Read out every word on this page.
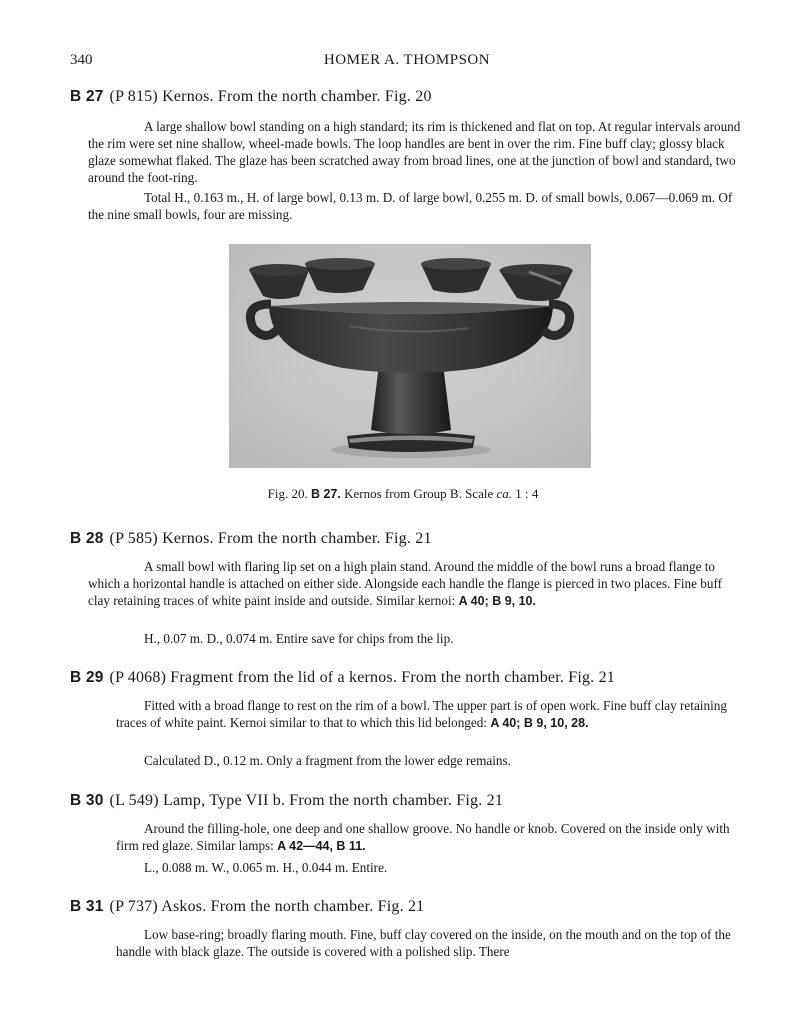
340	HOMER A. THOMPSON
B 27 (P 815) Kernos. From the north chamber. Fig. 20
A large shallow bowl standing on a high standard; its rim is thickened and flat on top. At regular intervals around the rim were set nine shallow, wheel-made bowls. The loop handles are bent in over the rim. Fine buff clay; glossy black glaze somewhat flaked. The glaze has been scratched away from broad lines, one at the junction of bowl and standard, two around the foot-ring.
Total H., 0.163 m., H. of large bowl, 0.13 m. D. of large bowl, 0.255 m. D. of small bowls, 0.067—0.069 m. Of the nine small bowls, four are missing.
Fig. 20. B 27. Kernos from Group B. Scale ca. 1 : 4
B 28 (P 585) Kernos. From the north chamber. Fig. 21
A small bowl with flaring lip set on a high plain stand. Around the middle of the bowl runs a broad flange to which a horizontal handle is attached on either side. Alongside each handle the flange is pierced in two places. Fine buff clay retaining traces of white paint inside and outside. Similar kernoi: A 40; B 9, 10.
H., 0.07 m. D., 0.074 m. Entire save for chips from the lip.
B 29 (P 4068) Fragment from the lid of a kernos. From the north chamber. Fig. 21
Fitted with a broad flange to rest on the rim of a bowl. The upper part is of open work. Fine buff clay retaining traces of white paint. Kernoi similar to that to which this lid belonged: A 40; B 9, 10, 28.
Calculated D., 0.12 m. Only a fragment from the lower edge remains.
B 30 (L 549) Lamp, Type VII b. From the north chamber. Fig. 21
Around the filling-hole, one deep and one shallow groove. No handle or knob. Covered on the inside only with firm red glaze. Similar lamps: A 42—44, B 11.
L., 0.088 m. W., 0.065 m. H., 0.044 m. Entire.
B 31 (P 737) Askos. From the north chamber. Fig. 21
Low base-ring; broadly flaring mouth. Fine, buff clay covered on the inside, on the mouth and on the top of the handle with black glaze. The outside is covered with a polished slip. There
